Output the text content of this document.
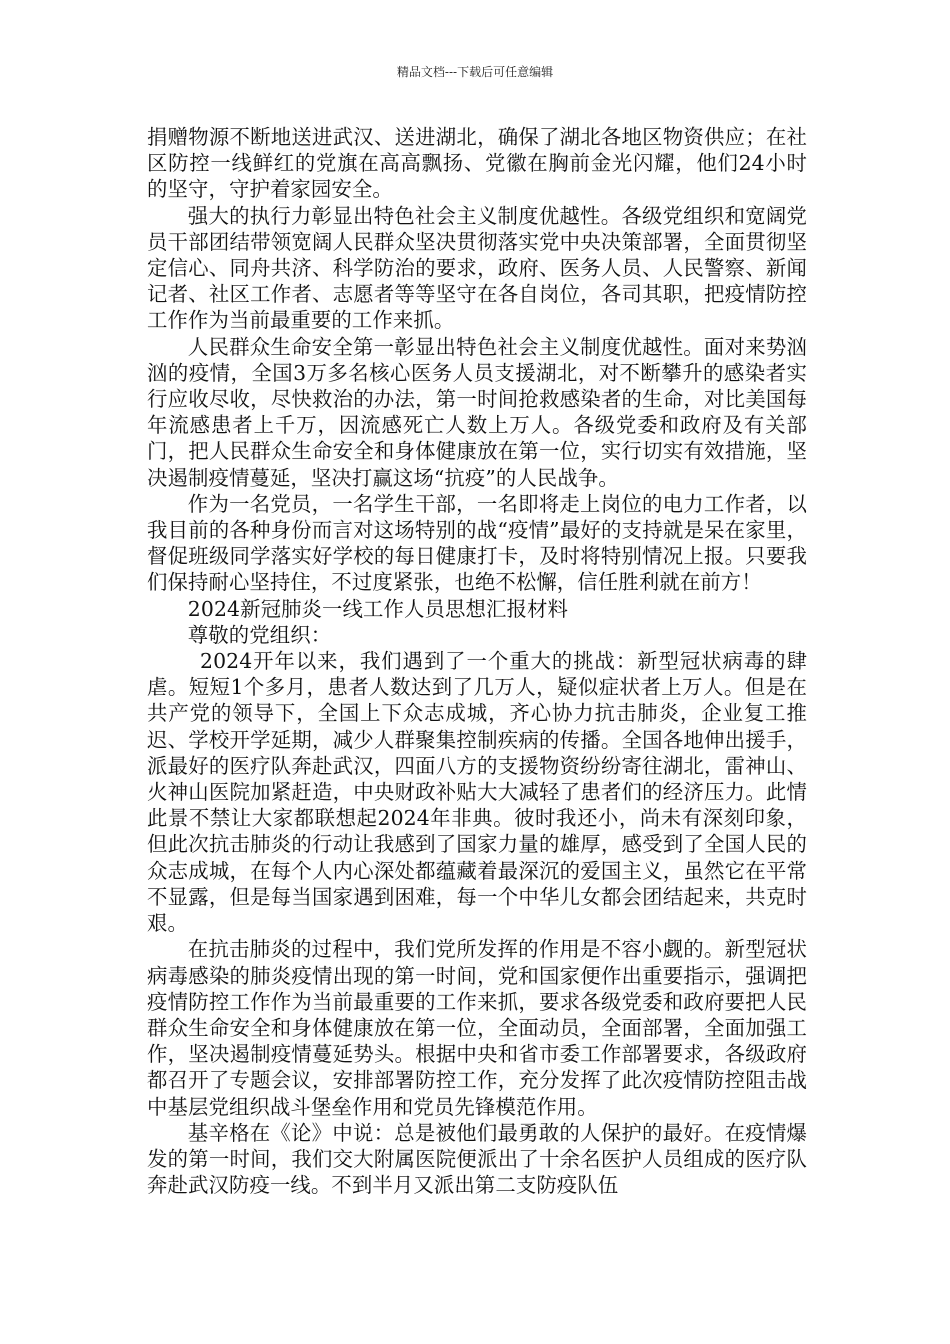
精品文档---下载后可任意编辑

捐赠物源不断地送进武汉、送进湖北，确保了湖北各地区物资供应；在社区防控一线鲜红的党旗在高高飘扬、党徽在胸前金光闪耀，他们24小时的坚守，守护着家园安全。

强大的执行力彰显出特色社会主义制度优越性。各级党组织和宽阔党员干部团结带领宽阔人民群众坚决贯彻落实党中央决策部署，全面贯彻坚定信心、同舟共济、科学防治的要求，政府、医务人员、人民警察、新闻记者、社区工作者、志愿者等等坚守在各自岗位，各司其职，把疫情防控工作作为当前最重要的工作来抓。

人民群众生命安全第一彰显出特色社会主义制度优越性。面对来势汹汹的疫情，全国3万多名核心医务人员支援湖北，对不断攀升的感染者实行应收尽收，尽快救治的办法，第一时间抢救感染者的生命，对比美国每年流感患者上千万，因流感死亡人数上万人。各级党委和政府及有关部门，把人民群众生命安全和身体健康放在第一位，实行切实有效措施，坚决遏制疫情蔓延，坚决打赢这场“抗疫”的人民战争。

作为一名党员，一名学生干部，一名即将走上岗位的电力工作者，以我目前的各种身份而言对这场特别的战“疫情”最好的支持就是呆在家里，督促班级同学落实好学校的每日健康打卡，及时将特别情况上报。只要我们保持耐心坚持住，不过度紧张，也绝不松懈，信任胜利就在前方！

2024新冠肺炎一线工作人员思想汇报材料

尊敬的党组织：

2024开年以来，我们遇到了一个重大的挑战：新型冠状病毒的肆虐。短短1个多月，患者人数达到了几万人，疑似症状者上万人。但是在共产党的领导下，全国上下众志成城，齐心协力抗击肺炎，企业复工推迟、学校开学延期，减少人群聚集控制疾病的传播。全国各地伸出援手，派最好的医疗队奔赴武汉，四面八方的支援物资纷纷寄往湖北，雷神山、火神山医院加紧赶造，中央财政补贴大大减轻了患者们的经济压力。此情此景不禁让大家都联想起2024年非典。彼时我还小，尚未有深刻印象，但此次抗击肺炎的行动让我感到了国家力量的雄厚，感受到了全国人民的众志成城，在每个人内心深处都蕴藏着最深沉的爱国主义，虽然它在平常不显露，但是每当国家遇到困难，每一个中华儿女都会团结起来，共克时艰。

在抗击肺炎的过程中，我们党所发挥的作用是不容小觑的。新型冠状病毒感染的肺炎疫情出现的第一时间，党和国家便作出重要指示，强调把疫情防控工作作为当前最重要的工作来抓，要求各级党委和政府要把人民群众生命安全和身体健康放在第一位，全面动员，全面部署，全面加强工作，坚决遏制疫情蔓延势头。根据中央和省市委工作部署要求，各级政府都召开了专题会议，安排部署防控工作，充分发挥了此次疫情防控阻击战中基层党组织战斗堡垒作用和党员先锋模范作用。

基辛格在《论》中说：总是被他们最勇敢的人保护的最好。在疫情爆发的第一时间，我们交大附属医院便派出了十余名医护人员组成的医疗队奔赴武汉防疫一线。不到半月又派出第二支防疫队伍
